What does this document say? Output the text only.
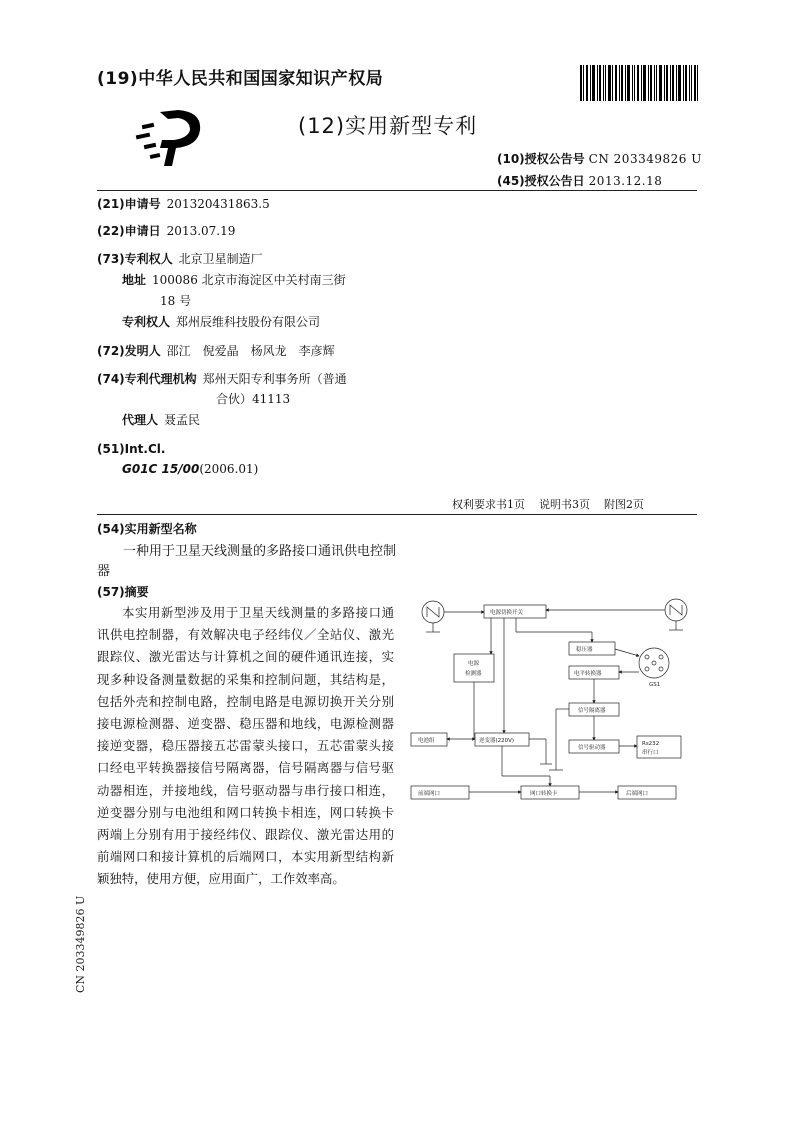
(19)中华人民共和国国家知识产权局
(12)实用新型专利
(10)授权公告号 CN 203349826 U
(45)授权公告日 2013.12.18
(21)申请号 201320431863.5
(22)申请日 2013.07.19
(73)专利权人 北京卫星制造厂
地址 100086 北京市海淀区中关村南三街
18 号
专利权人 郑州辰维科技股份有限公司
(72)发明人 邵江　倪爱晶　杨风龙　李彦辉
(74)专利代理机构 郑州天阳专利事务所（普通
合伙）41113
代理人 聂孟民
(51)Int.Cl.
G01C 15/00(2006.01)
权利要求书1页 说明书3页 附图2页
(54)实用新型名称
一种用于卫星天线测量的多路接口通讯供电控制器
(57)摘要
本实用新型涉及用于卫星天线测量的多路接口通讯供电控制器，有效解决电子经纬仪／全站仪、激光跟踪仪、激光雷达与计算机之间的硬件通讯连接，实现多种设备测量数据的采集和控制问题，其结构是，包括外壳和控制电路，控制电路是电源切换开关分别接电源检测器、逆变器、稳压器和地线，电源检测器接逆变器，稳压器接五芯雷蒙头接口，五芯雷蒙头接口经电平转换器接信号隔离器，信号隔离器与信号驱动器相连，并接地线，信号驱动器与串行接口相连，逆变器分别与电池组和网口转换卡相连，网口转换卡两端上分别有用于接经纬仪、跟踪仪、激光雷达用的前端网口和接计算机的后端网口，本实用新型结构新颖独特，使用方便，应用面广，工作效率高。
CN 203349826 U
电源切换开关
稳压器
电平转换器
电源
检测器
GS1
信号隔离器
电池组	逆变器(220V)
信号驱动器
Rs232
串行口
前端网口	网口转换卡	后端网口
